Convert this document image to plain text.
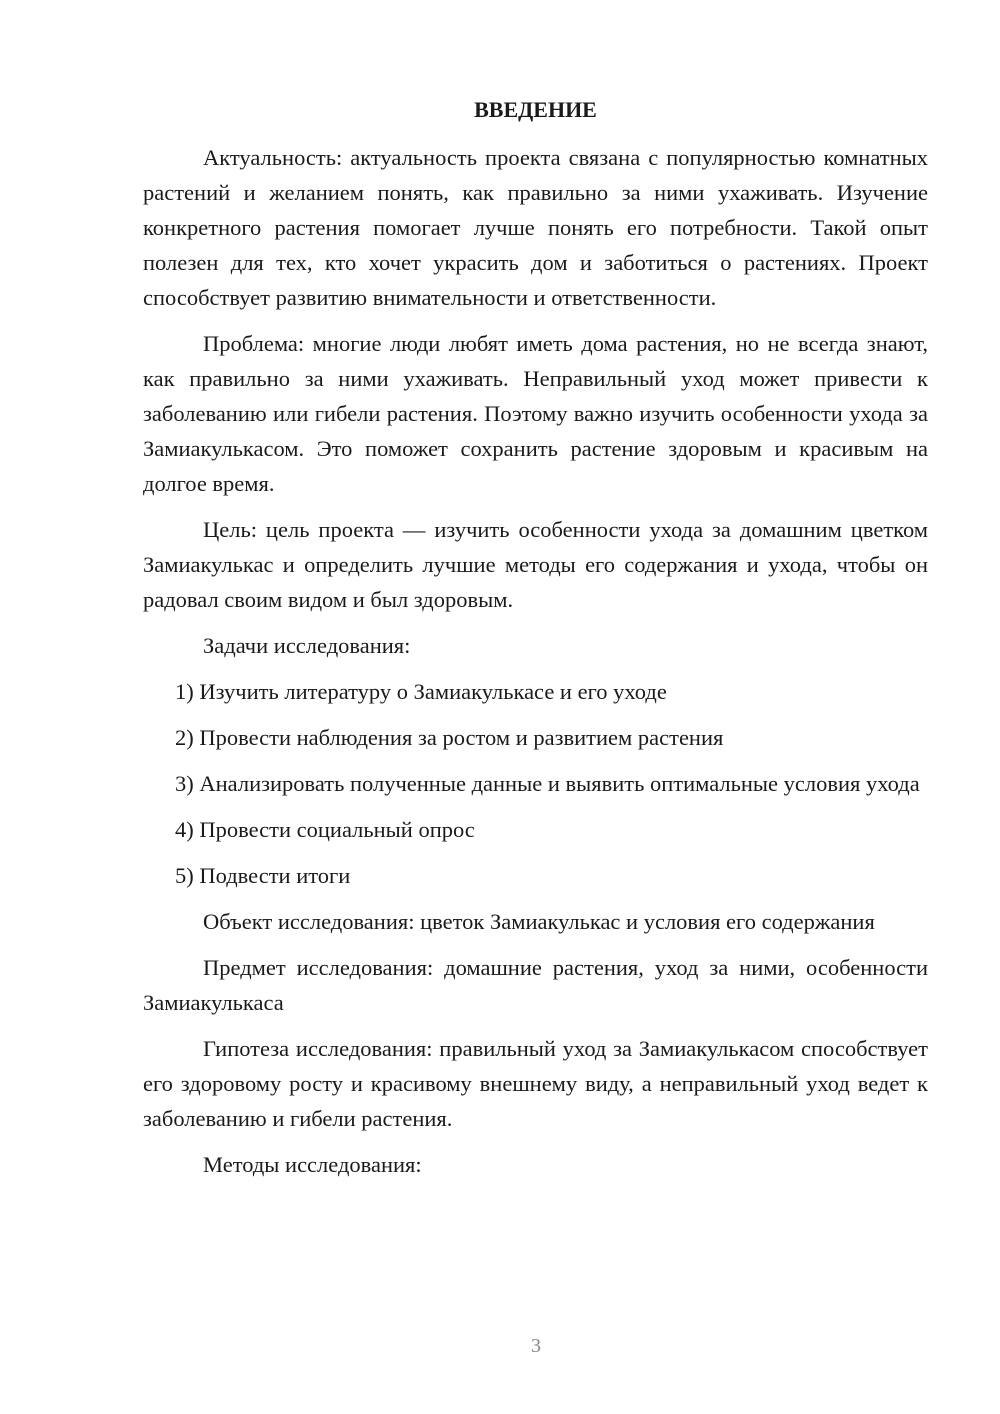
ВВЕДЕНИЕ

Актуальность: актуальность проекта связана с популярностью комнатных растений и желанием понять, как правильно за ними ухаживать. Изучение конкретного растения помогает лучше понять его потребности. Такой опыт полезен для тех, кто хочет украсить дом и заботиться о растениях. Проект способствует развитию внимательности и ответственности.

Проблема: многие люди любят иметь дома растения, но не всегда знают, как правильно за ними ухаживать. Неправильный уход может привести к заболеванию или гибели растения. Поэтому важно изучить особенности ухода за Замиакулькасом. Это поможет сохранить растение здоровым и красивым на долгое время.

Цель: цель проекта — изучить особенности ухода за домашним цветком Замиакулькас и определить лучшие методы его содержания и ухода, чтобы он радовал своим видом и был здоровым.

Задачи исследования:

1) Изучить литературу о Замиакулькасе и его уходе

2) Провести наблюдения за ростом и развитием растения

3) Анализировать полученные данные и выявить оптимальные условия ухода

4) Провести социальный опрос

5) Подвести итоги

Объект исследования: цветок Замиакулькас и условия его содержания

Предмет исследования: домашние растения, уход за ними, особенности Замиакулькаса

Гипотеза исследования: правильный уход за Замиакулькасом способствует его здоровому росту и красивому внешнему виду, а неправильный уход ведет к заболеванию и гибели растения.

Методы исследования:

3
